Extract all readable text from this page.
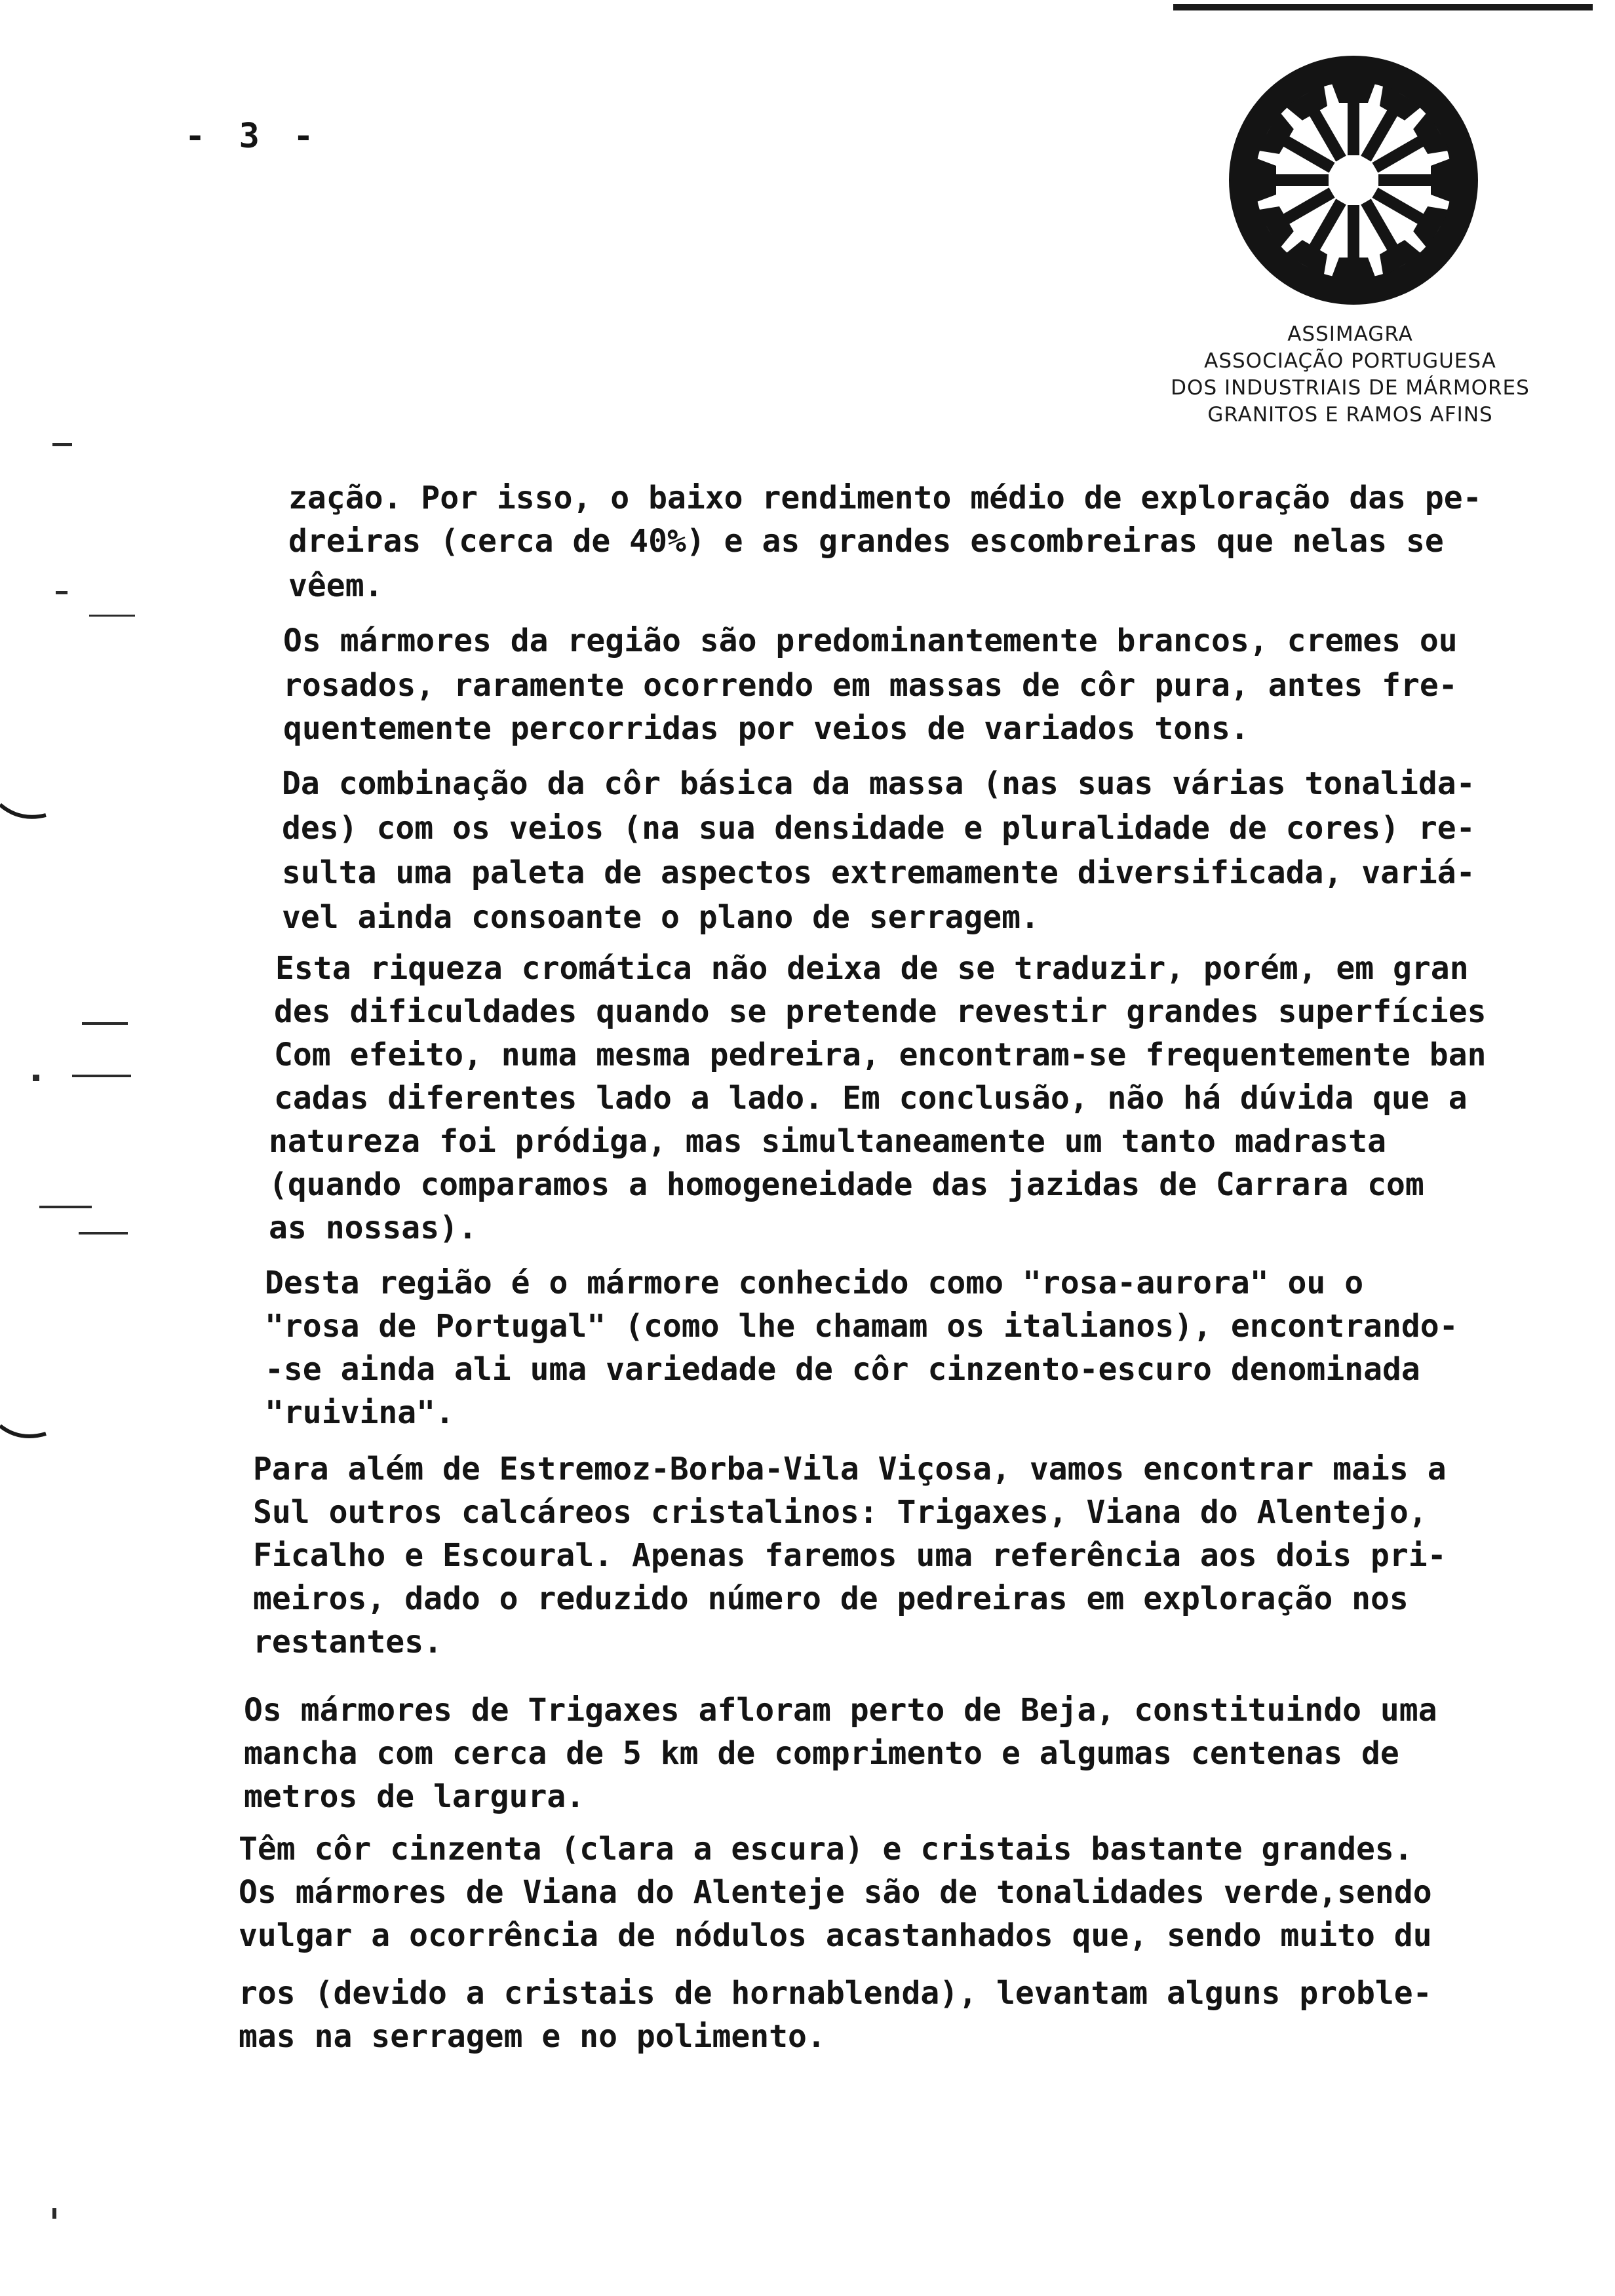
- 3 -
ASSIMAGRA
ASSOCIAÇÃO PORTUGUESA
DOS INDUSTRIAIS DE MÁRMORES
GRANITOS E RAMOS AFINS
zação. Por isso, o baixo rendimento médio de exploração das pe-
dreiras (cerca de 40%) e as grandes escombreiras que nelas se
vêem.
Os mármores da região são predominantemente brancos, cremes ou
rosados, raramente ocorrendo em massas de côr pura, antes fre-
quentemente percorridas por veios de variados tons.
Da combinação da côr básica da massa (nas suas várias tonalida-
des) com os veios (na sua densidade e pluralidade de cores) re-
sulta uma paleta de aspectos extremamente diversificada, variá-
vel ainda consoante o plano de serragem.
Esta riqueza cromática não deixa de se traduzir, porém, em gran
des dificuldades quando se pretende revestir grandes superfícies
Com efeito, numa mesma pedreira, encontram-se frequentemente ban
cadas diferentes lado a lado. Em conclusão, não há dúvida que a
natureza foi pródiga, mas simultaneamente um tanto madrasta
(quando comparamos a homogeneidade das jazidas de Carrara com
as nossas).
Desta região é o mármore conhecido como "rosa-aurora" ou o
"rosa de Portugal" (como lhe chamam os italianos), encontrando-
-se ainda ali uma variedade de côr cinzento-escuro denominada
"ruivina".
Para além de Estremoz-Borba-Vila Viçosa, vamos encontrar mais a
Sul outros calcáreos cristalinos: Trigaxes, Viana do Alentejo,
Ficalho e Escoural. Apenas faremos uma referência aos dois pri-
meiros, dado o reduzido número de pedreiras em exploração nos
restantes.
Os mármores de Trigaxes afloram perto de Beja, constituindo uma
mancha com cerca de 5 km de comprimento e algumas centenas de
metros de largura.
Têm côr cinzenta (clara a escura) e cristais bastante grandes.
Os mármores de Viana do Alenteje são de tonalidades verde,sendo
vulgar a ocorrência de nódulos acastanhados que, sendo muito du
ros (devido a cristais de hornablenda), levantam alguns proble-
mas na serragem e no polimento.
